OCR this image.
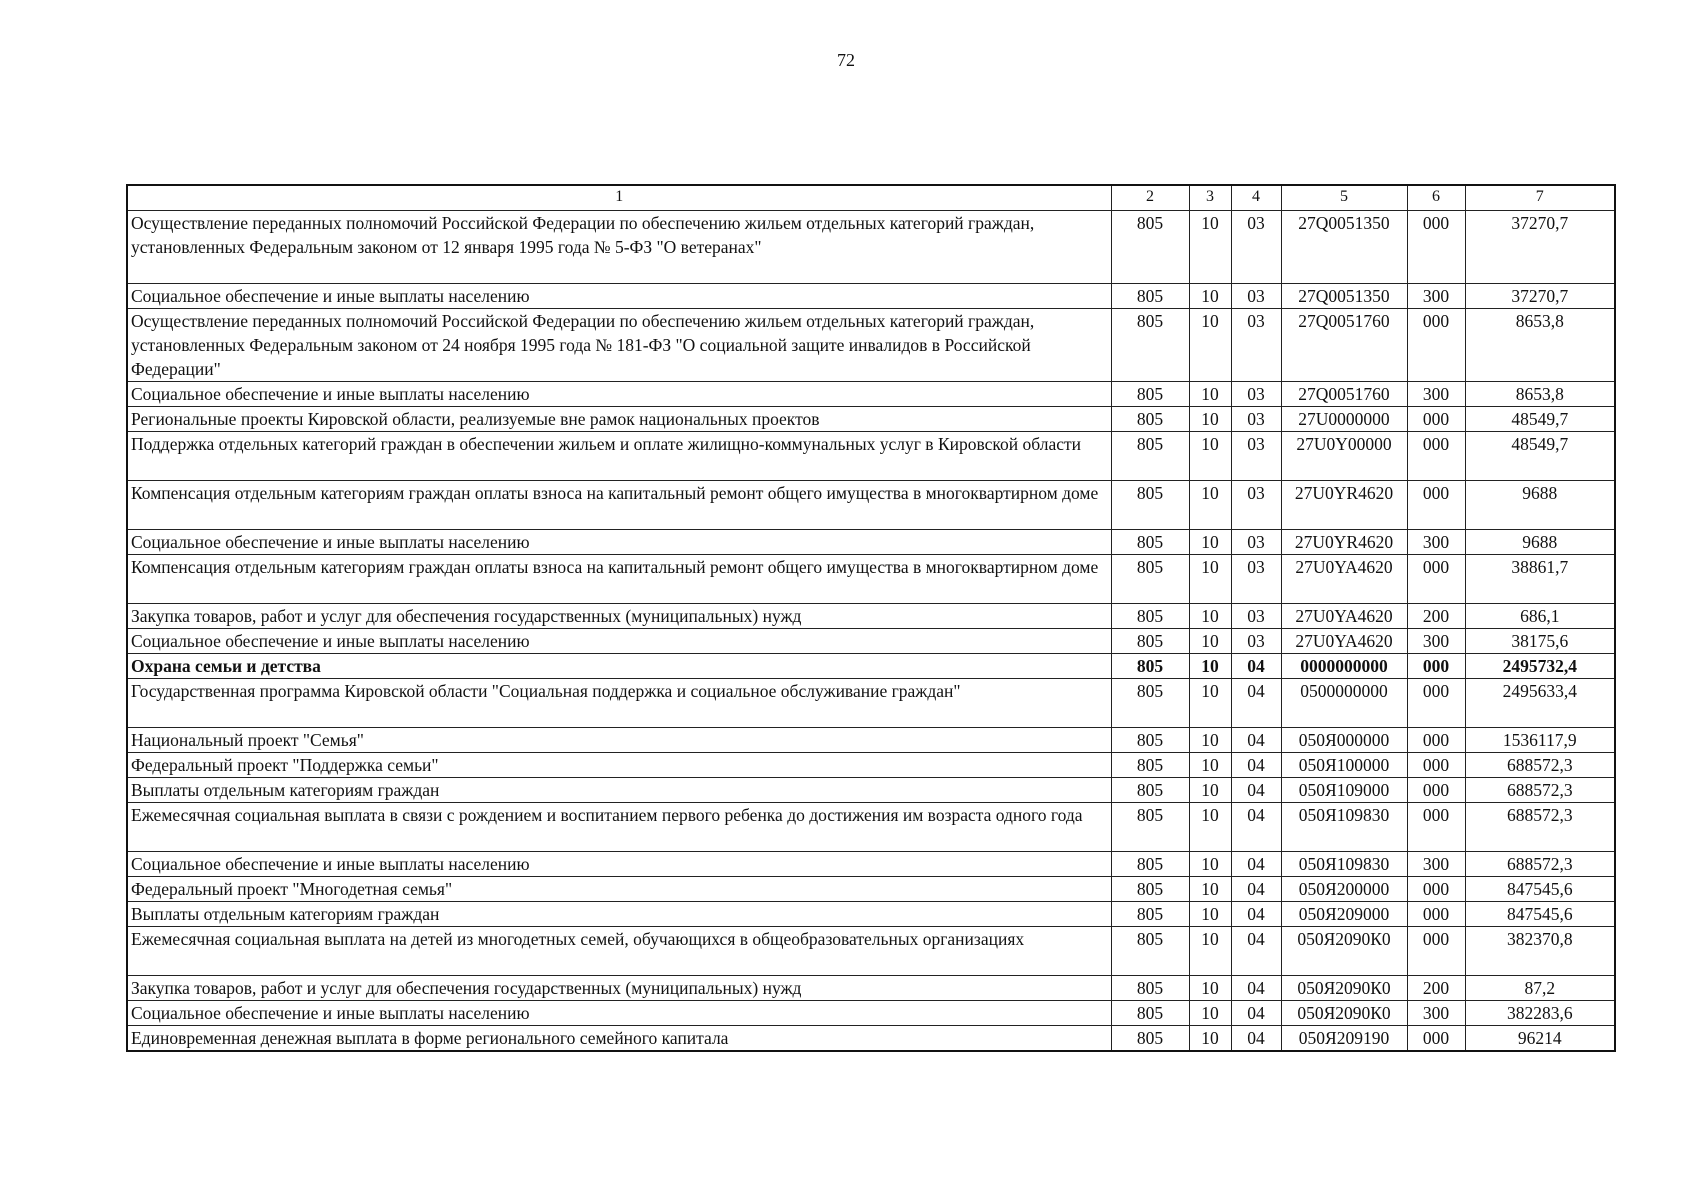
72
1	2	3	4	5	6	7
Осуществление переданных полномочий Российской Федерации по обеспечению жильем отдельных категорий граждан, установленных Федеральным законом от 12 января 1995 года № 5-ФЗ "О ветеранах"	805	10	03	27Q0051350	000	37270,7
Социальное обеспечение и иные выплаты населению	805	10	03	27Q0051350	300	37270,7
Осуществление переданных полномочий Российской Федерации по обеспечению жильем отдельных категорий граждан, установленных Федеральным законом от 24 ноября 1995 года № 181-ФЗ "О социальной защите инвалидов в Российской Федерации"	805	10	03	27Q0051760	000	8653,8
Социальное обеспечение и иные выплаты населению	805	10	03	27Q0051760	300	8653,8
Региональные проекты Кировской области, реализуемые вне рамок национальных проектов	805	10	03	27U0000000	000	48549,7
Поддержка отдельных категорий граждан в обеспечении жильем и оплате жилищно-коммунальных услуг в Кировской области	805	10	03	27U0Y00000	000	48549,7
Компенсация отдельным категориям граждан оплаты взноса на капитальный ремонт общего имущества в многоквартирном доме	805	10	03	27U0YR4620	000	9688
Социальное обеспечение и иные выплаты населению	805	10	03	27U0YR4620	300	9688
Компенсация отдельным категориям граждан оплаты взноса на капитальный ремонт общего имущества в многоквартирном доме	805	10	03	27U0YA4620	000	38861,7
Закупка товаров, работ и услуг для обеспечения государственных (муниципальных) нужд	805	10	03	27U0YA4620	200	686,1
Социальное обеспечение и иные выплаты населению	805	10	03	27U0YA4620	300	38175,6
Охрана семьи и детства	805	10	04	0000000000	000	2495732,4
Государственная программа Кировской области "Социальная поддержка и социальное обслуживание граждан"	805	10	04	0500000000	000	2495633,4
Национальный проект "Семья"	805	10	04	050Я000000	000	1536117,9
Федеральный проект "Поддержка семьи"	805	10	04	050Я100000	000	688572,3
Выплаты отдельным категориям граждан	805	10	04	050Я109000	000	688572,3
Ежемесячная социальная выплата в связи с рождением и воспитанием первого ребенка до достижения им возраста одного года	805	10	04	050Я109830	000	688572,3
Социальное обеспечение и иные выплаты населению	805	10	04	050Я109830	300	688572,3
Федеральный проект "Многодетная семья"	805	10	04	050Я200000	000	847545,6
Выплаты отдельным категориям граждан	805	10	04	050Я209000	000	847545,6
Ежемесячная социальная выплата на детей из многодетных семей, обучающихся в общеобразовательных организациях	805	10	04	050Я2090К0	000	382370,8
Закупка товаров, работ и услуг для обеспечения государственных (муниципальных) нужд	805	10	04	050Я2090К0	200	87,2
Социальное обеспечение и иные выплаты населению	805	10	04	050Я2090К0	300	382283,6
Единовременная денежная выплата в форме регионального семейного капитала	805	10	04	050Я209190	000	96214
